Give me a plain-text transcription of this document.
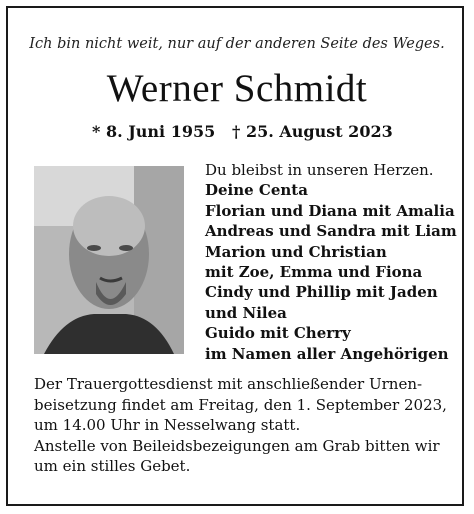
Ich bin nicht weit, nur auf der anderen Seite des Weges.
Werner Schmidt
* 8. Juni 1955 † 25. August 2023
Du bleibst in unseren Herzen.
Deine Centa
Florian und Diana mit Amalia
Andreas und Sandra mit Liam
Marion und Christian
mit Zoe, Emma und Fiona
Cindy und Phillip mit Jaden
und Nilea
Guido mit Cherry
im Namen aller Angehörigen
Der Trauergottesdienst mit anschließender Urnen-
beisetzung findet am Freitag, den 1. September 2023,
um 14.00 Uhr in Nesselwang statt.
Anstelle von Beileidsbezeigungen am Grab bitten wir
um ein stilles Gebet.
